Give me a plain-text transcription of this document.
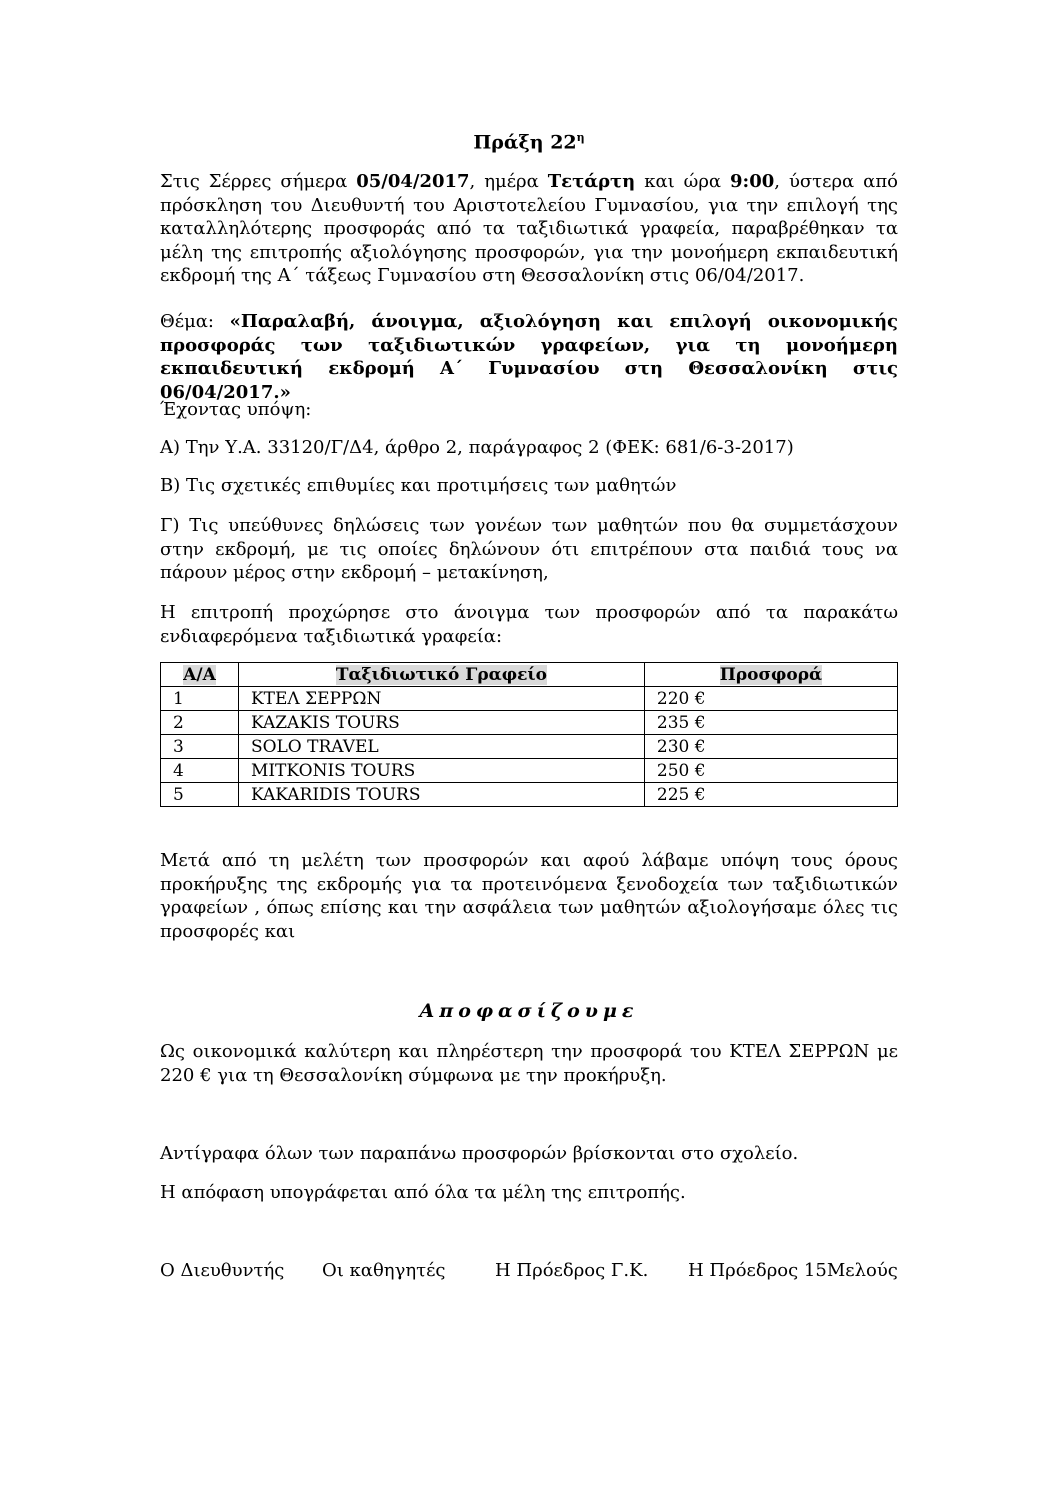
Πράξη $22^\eta$
Στις Σέρρες σήμερα 05/04/2017, ημέρα Τετάρτη και ώρα 9:00, ύστερα από πρόσκληση του Διευθυντή του Αριστοτελείου Γυμνασίου, για την επιλογή της καταλληλότερης προσφοράς από τα ταξιδιωτικά γραφεία, παραβρέθηκαν τα μέλη της επιτροπής αξιολόγησης προσφορών, για την μονοήμερη εκπαιδευτική εκδρομή της Α΄ τάξεως Γυμνασίου στη Θεσσαλονίκη στις 06/04/2017.
Θέμα: «Παραλαβή, άνοιγμα, αξιολόγηση και επιλογή οικονομικής προσφοράς των ταξιδιωτικών γραφείων, για τη μονοήμερη εκπαιδευτική εκδρομή Α΄ Γυμνασίου στη Θεσσαλονίκη στις 06/04/2017.»
Έχοντας υπόψη:
Α) Την Υ.Α. 33120/Γ/Δ4, άρθρο 2, παράγραφος 2 (ΦΕΚ: 681/6-3-2017)
Β) Τις σχετικές επιθυμίες και προτιμήσεις των μαθητών
Γ) Τις υπεύθυνες δηλώσεις των γονέων των μαθητών που θα συμμετάσχουν στην εκδρομή, με τις οποίες δηλώνουν ότι επιτρέπουν στα παιδιά τους να πάρουν μέρος στην εκδρομή – μετακίνηση,
Η επιτροπή προχώρησε στο άνοιγμα των προσφορών από τα παρακάτω ενδιαφερόμενα ταξιδιωτικά γραφεία:
Α/Α	Ταξιδιωτικό Γραφείο	Προσφορά
1	ΚΤΕΛ ΣΕΡΡΩΝ	220 €
2	KAZAKIS TOURS	235 €
3	SOLO TRAVEL	230 €
4	MITKONIS TOURS	250 €
5	KAKARIDIS TOURS	225 €
Μετά από τη μελέτη των προσφορών και αφού λάβαμε υπόψη τους όρους προκήρυξης της εκδρομής για τα προτεινόμενα ξενοδοχεία των ταξιδιωτικών γραφείων , όπως επίσης και την ασφάλεια των μαθητών αξιολογήσαμε όλες τις προσφορές και
Αποφασίζουμε
Ως οικονομικά καλύτερη και πληρέστερη την προσφορά του ΚΤΕΛ ΣΕΡΡΩΝ με 220 € για τη Θεσσαλονίκη σύμφωνα με την προκήρυξη.
Αντίγραφα όλων των παραπάνω προσφορών βρίσκονται στο σχολείο.
Η απόφαση υπογράφεται από όλα τα μέλη της επιτροπής.
Ο Διευθυντής Οι καθηγητές	Η Πρόεδρος Γ.Κ. Η Πρόεδρος 15Μελούς
